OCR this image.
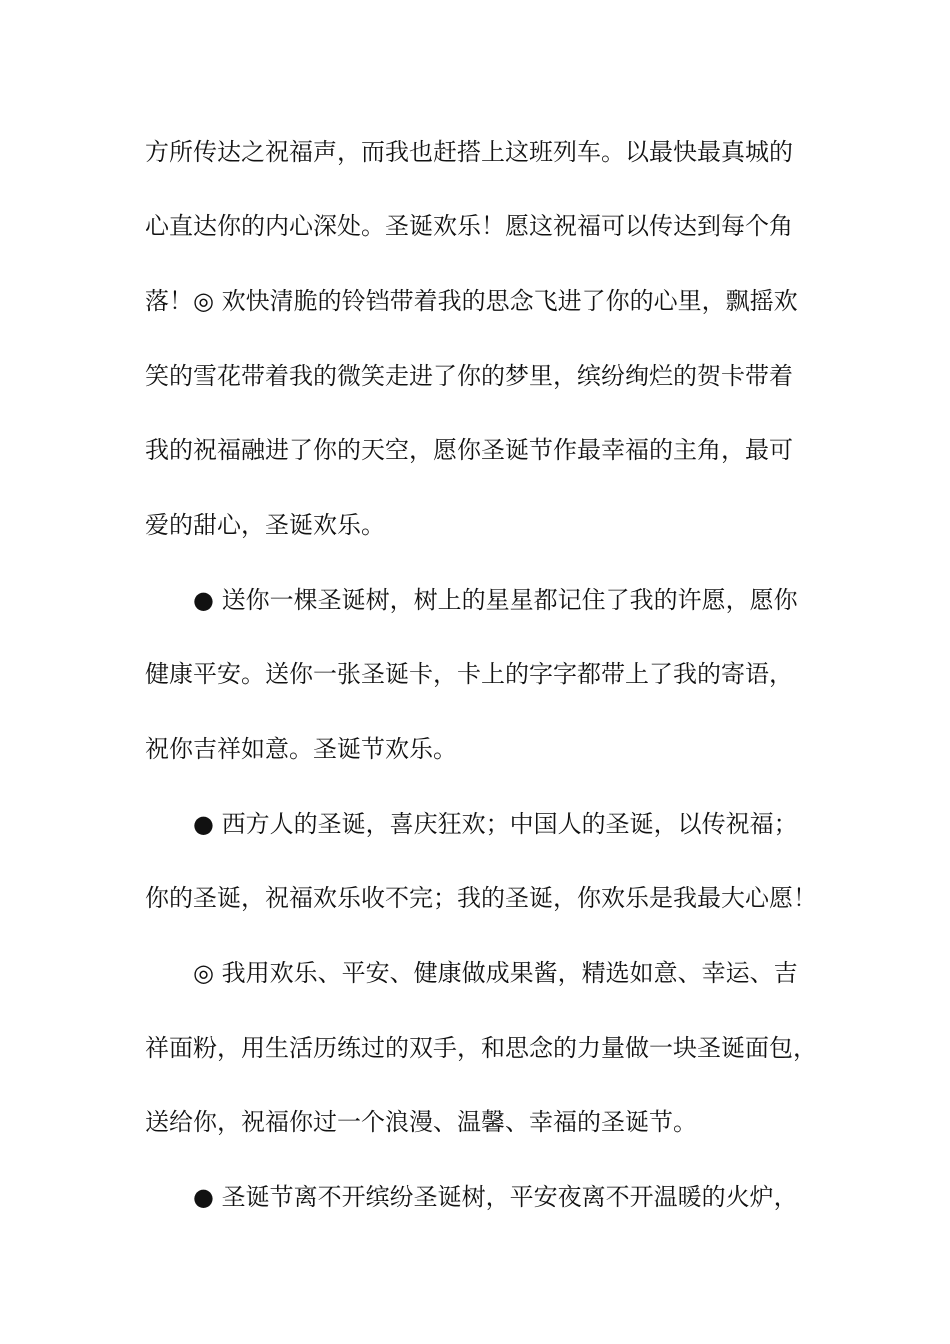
方所传达之祝福声，而我也赶搭上这班列车。以最快最真城的
心直达你的内心深处。圣诞欢乐！愿这祝福可以传达到每个角
落！◎ 欢快清脆的铃铛带着我的思念飞进了你的心里，飘摇欢
笑的雪花带着我的微笑走进了你的梦里，缤纷绚烂的贺卡带着
我的祝福融进了你的天空，愿你圣诞节作最幸福的主角，最可
爱的甜心，圣诞欢乐。
● 送你一棵圣诞树，树上的星星都记住了我的许愿，愿你
健康平安。送你一张圣诞卡，卡上的字字都带上了我的寄语，
祝你吉祥如意。圣诞节欢乐。
● 西方人的圣诞，喜庆狂欢；中国人的圣诞，以传祝福；
你的圣诞，祝福欢乐收不完；我的圣诞，你欢乐是我最大心愿！
◎ 我用欢乐、平安、健康做成果酱，精选如意、幸运、吉
祥面粉，用生活历练过的双手，和思念的力量做一块圣诞面包，
送给你，祝福你过一个浪漫、温馨、幸福的圣诞节。
● 圣诞节离不开缤纷圣诞树，平安夜离不开温暖的火炉，
